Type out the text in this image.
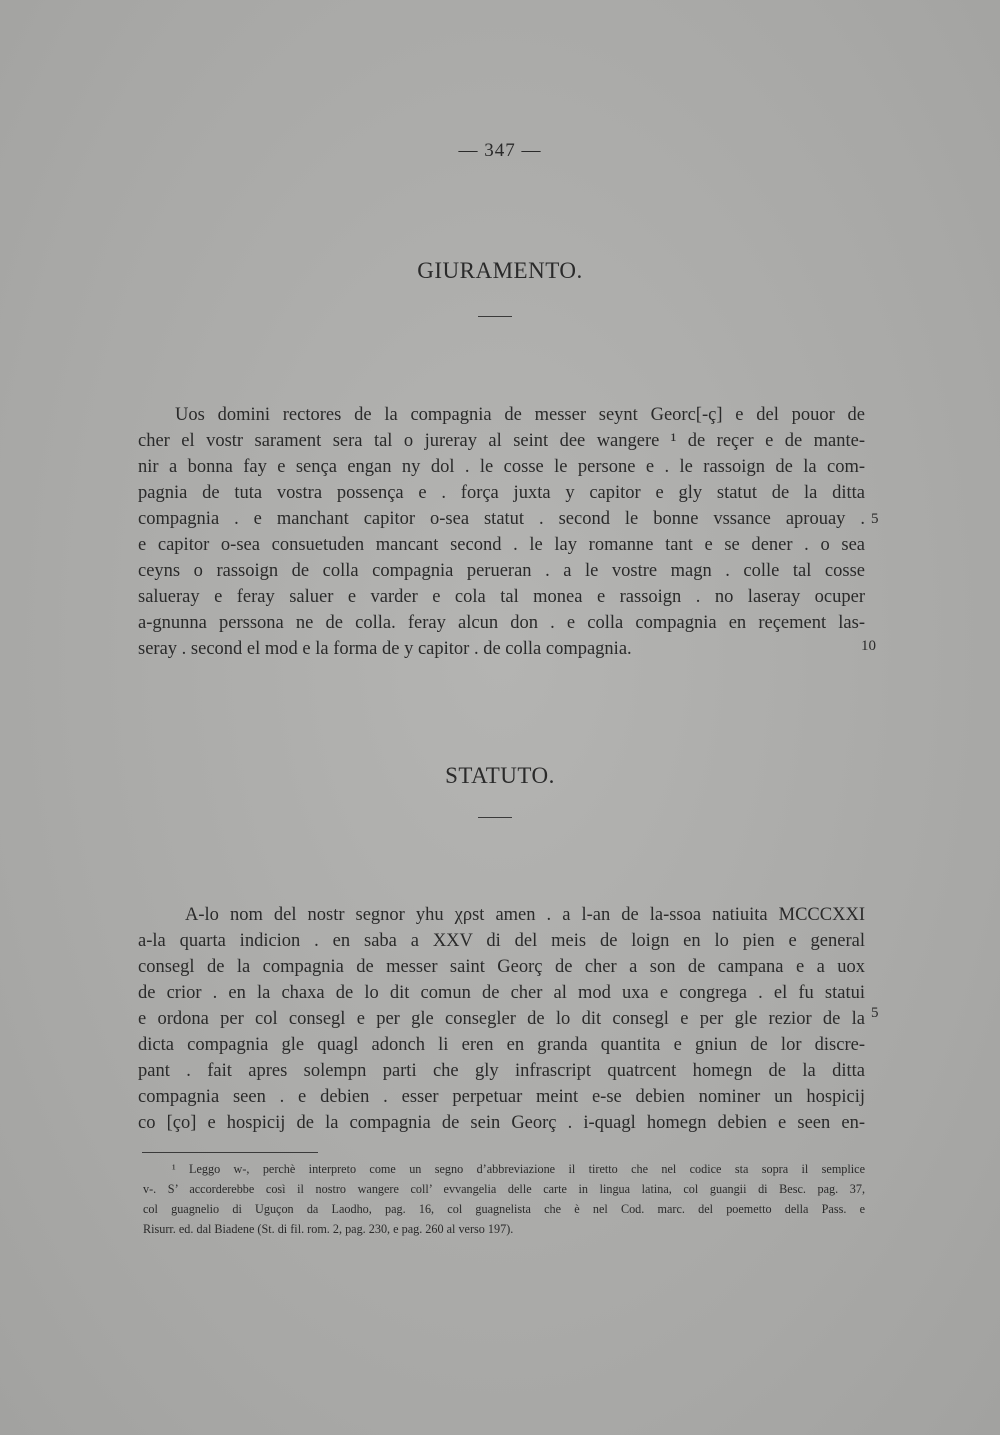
— 347 —
GIURAMENTO.
Uos domini rectores de la compagnia de messer seynt Georc[-ç] e del pouor de
cher el vostr sarament sera tal o jureray al seint dee wangere ¹ de reçer e de mante-
nir a bonna fay e sença engan ny dol . le cosse le persone e . le rassoign de la com-
pagnia de tuta vostra possença e . força juxta y capitor e gly statut de la ditta
compagnia . e manchant capitor o-sea statut . second le bonne vssance aprouay .
e capitor o-sea consuetuden mancant second . le lay romanne tant e se dener . o sea
ceyns o rassoign de colla compagnia perueran . a le vostre magn . colle tal cosse
salueray e feray saluer e varder e cola tal monea e rassoign . no laseray ocuper
a-gnunna perssona ne de colla. feray alcun don . e colla compagnia en reçement las-
seray . second el mod e la forma de y capitor . de colla compagnia.
5
10
STATUTO.
A-lo nom del nostr segnor yhu χρst amen . a l-an de la-ssoa natiuita MCCCXXI
a-la quarta indicion . en saba a XXV di del meis de loign en lo pien e general
consegl de la compagnia de messer saint Georç de cher a son de campana e a uox
de crior . en la chaxa de lo dit comun de cher al mod uxa e congrega . el fu statui
e ordona per col consegl e per gle consegler de lo dit consegl e per gle rezior de la
dicta compagnia gle quagl adonch li eren en granda quantita e gniun de lor discre-
pant . fait apres solempn parti che gly infrascript quatrcent homegn de la ditta
compagnia seen . e debien . esser perpetuar meint e-se debien nominer un hospicij
co [ço] e hospicij de la compagnia de sein Georç . i-quagl homegn debien e seen en-
5
¹ Leggo w-, perchè interpreto come un segno d’abbreviazione il tiretto che nel codice sta sopra il semplice
v-. S’ accorderebbe così il nostro wangere coll’ evvangelia delle carte in lingua latina, col guangii di Besc. pag. 37,
col guagnelio di Uguçon da Laodho, pag. 16, col guagnelista che è nel Cod. marc. del poemetto della Pass. e
Risurr. ed. dal Biadene (St. di fil. rom. 2, pag. 230, e pag. 260 al verso 197).
